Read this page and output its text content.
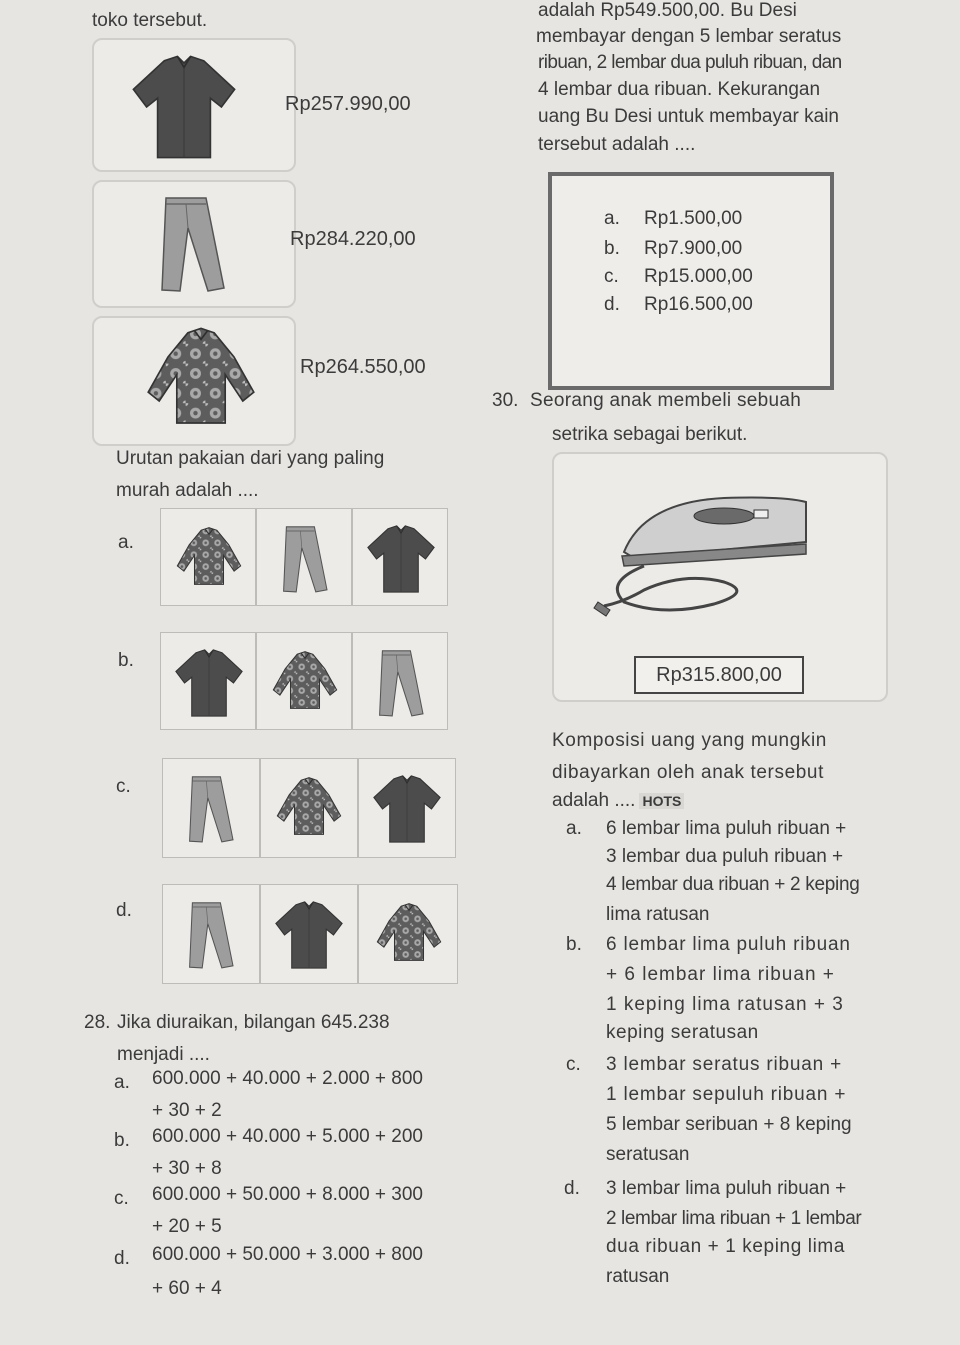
toko tersebut.
Rp257.990,00
Rp284.220,00
Rp264.550,00
Urutan pakaian dari yang paling
murah adalah ....
a.
b.
c.
d.
28. Jika diuraikan, bilangan 645.238
menjadi ....
a. 600.000 + 40.000 + 2.000 + 800
+ 30 + 2
b. 600.000 + 40.000 + 5.000 + 200
+ 30 + 8
c. 600.000 + 50.000 + 8.000 + 300
+ 20 + 5
d. 600.000 + 50.000 + 3.000 + 800
+ 60 + 4
adalah Rp549.500,00. Bu Desi
membayar dengan 5 lembar seratus
ribuan, 2 lembar dua puluh ribuan, dan
4 lembar dua ribuan. Kekurangan
uang Bu Desi untuk membayar kain
tersebut adalah ....
a. Rp1.500,00
b. Rp7.900,00
c. Rp15.000,00
d. Rp16.500,00
30. Seorang anak membeli sebuah
setrika sebagai berikut.
Rp315.800,00
Komposisi uang yang mungkin
dibayarkan oleh anak tersebut
adalah .... HOTS
a. 6 lembar lima puluh ribuan +
3 lembar dua puluh ribuan +
4 lembar dua ribuan + 2 keping
lima ratusan
b. 6 lembar lima puluh ribuan
+ 6 lembar lima ribuan +
1 keping lima ratusan + 3
keping seratusan
c. 3 lembar seratus ribuan +
1 lembar sepuluh ribuan +
5 lembar seribuan + 8 keping
seratusan
d. 3 lembar lima puluh ribuan +
2 lembar lima ribuan + 1 lembar
dua ribuan + 1 keping lima
ratusan
